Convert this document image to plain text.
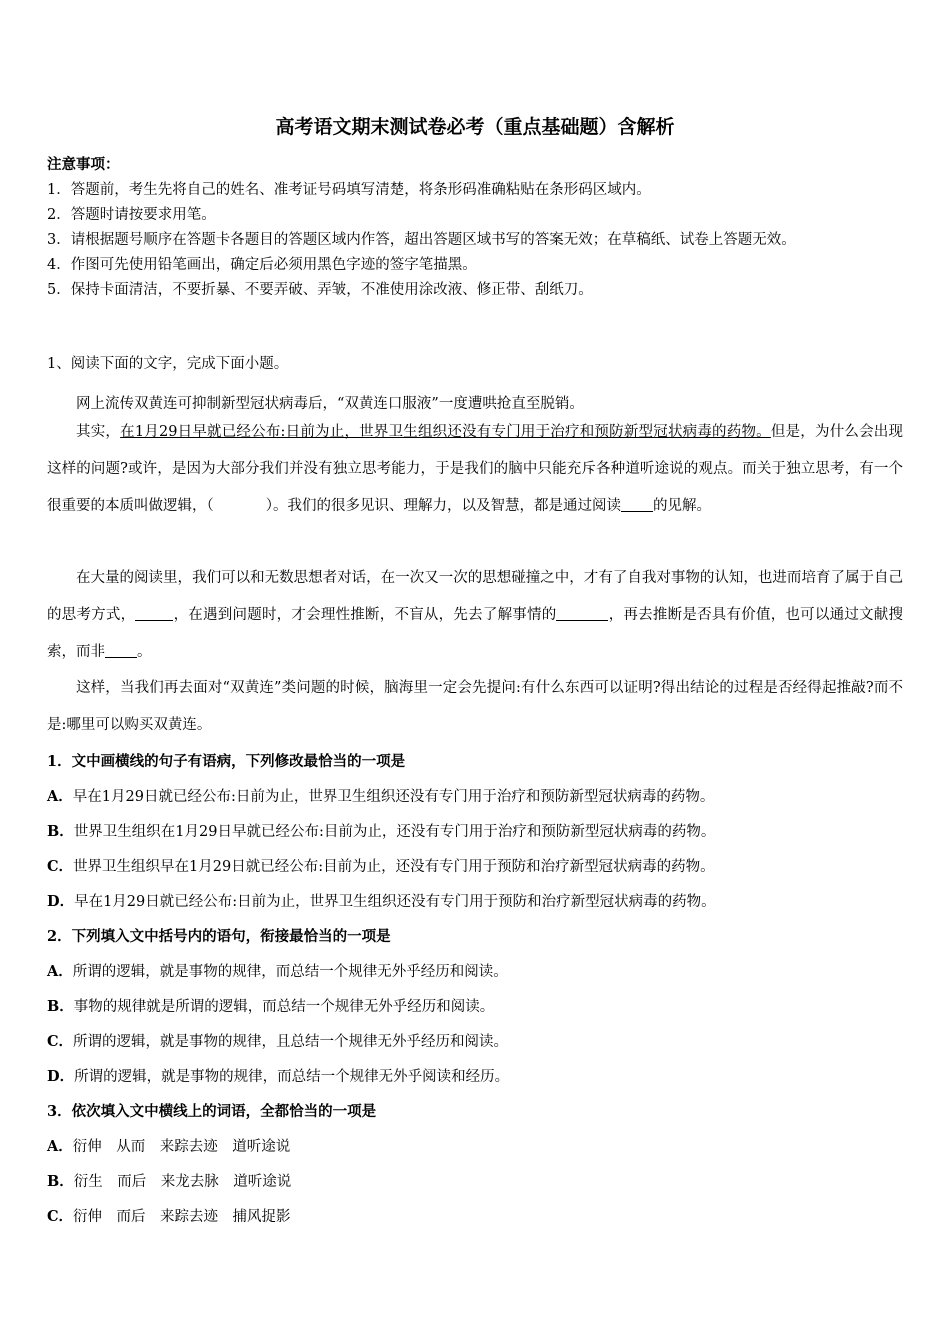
高考语文期末测试卷必考（重点基础题）含解析
注意事项：
1．答题前，考生先将自己的姓名、准考证号码填写清楚，将条形码准确粘贴在条形码区域内。
2．答题时请按要求用笔。
3．请根据题号顺序在答题卡各题目的答题区域内作答，超出答题区域书写的答案无效；在草稿纸、试卷上答题无效。
4．作图可先使用铅笔画出，确定后必须用黑色字迹的签字笔描黑。
5．保持卡面清洁，不要折暴、不要弄破、弄皱，不准使用涂改液、修正带、刮纸刀。
1、阅读下面的文字，完成下面小题。
网上流传双黄连可抑制新型冠状病毒后，“双黄连口服液”一度遭哄抢直至脱销。
其实，在1月29日早就已经公布:日前为止，世界卫生组织还没有专门用于治疗和预防新型冠状病毒的药物。但是，为什么会出现这样的问题?或许，是因为大部分我们并没有独立思考能力，于是我们的脑中只能充斥各种道听途说的观点。而关于独立思考，有一个很重要的本质叫做逻辑，（	）。我们的很多见识、理解力，以及智慧，都是通过阅读 的见解。
在大量的阅读里，我们可以和无数思想者对话，在一次又一次的思想碰撞之中，才有了自我对事物的认知，也进而培育了属于自己的思考方式，	，在遇到问题时，才会理性推断，不盲从，先去了解事情的	，再去推断是否具有价值，也可以通过文献搜索，而非 。
这样，当我们再去面对“双黄连”类问题的时候，脑海里一定会先提问:有什么东西可以证明?得出结论的过程是否经得起推敲?而不是:哪里可以购买双黄连。
1．文中画横线的句子有语病，下列修改最恰当的一项是
A．早在1月29日就已经公布:日前为止，世界卫生组织还没有专门用于治疗和预防新型冠状病毒的药物。
B．世界卫生组织在1月29日早就已经公布:目前为止，还没有专门用于治疗和预防新型冠状病毒的药物。
C．世界卫生组织早在1月29日就已经公布:目前为止，还没有专门用于预防和治疗新型冠状病毒的药物。
D．早在1月29日就已经公布:日前为止，世界卫生组织还没有专门用于预防和治疗新型冠状病毒的药物。
2．下列填入文中括号内的语句，衔接最恰当的一项是
A．所谓的逻辑，就是事物的规律，而总结一个规律无外乎经历和阅读。
B．事物的规律就是所谓的逻辑，而总结一个规律无外乎经历和阅读。
C．所谓的逻辑，就是事物的规律，且总结一个规律无外乎经历和阅读。
D．所谓的逻辑，就是事物的规律，而总结一个规律无外乎阅读和经历。
3．依次填入文中横线上的词语，全都恰当的一项是
A．衍伸　从而　来踪去迹　道听途说
B．衍生　而后　来龙去脉　道听途说
C．衍伸　而后　来踪去迹　捕风捉影
